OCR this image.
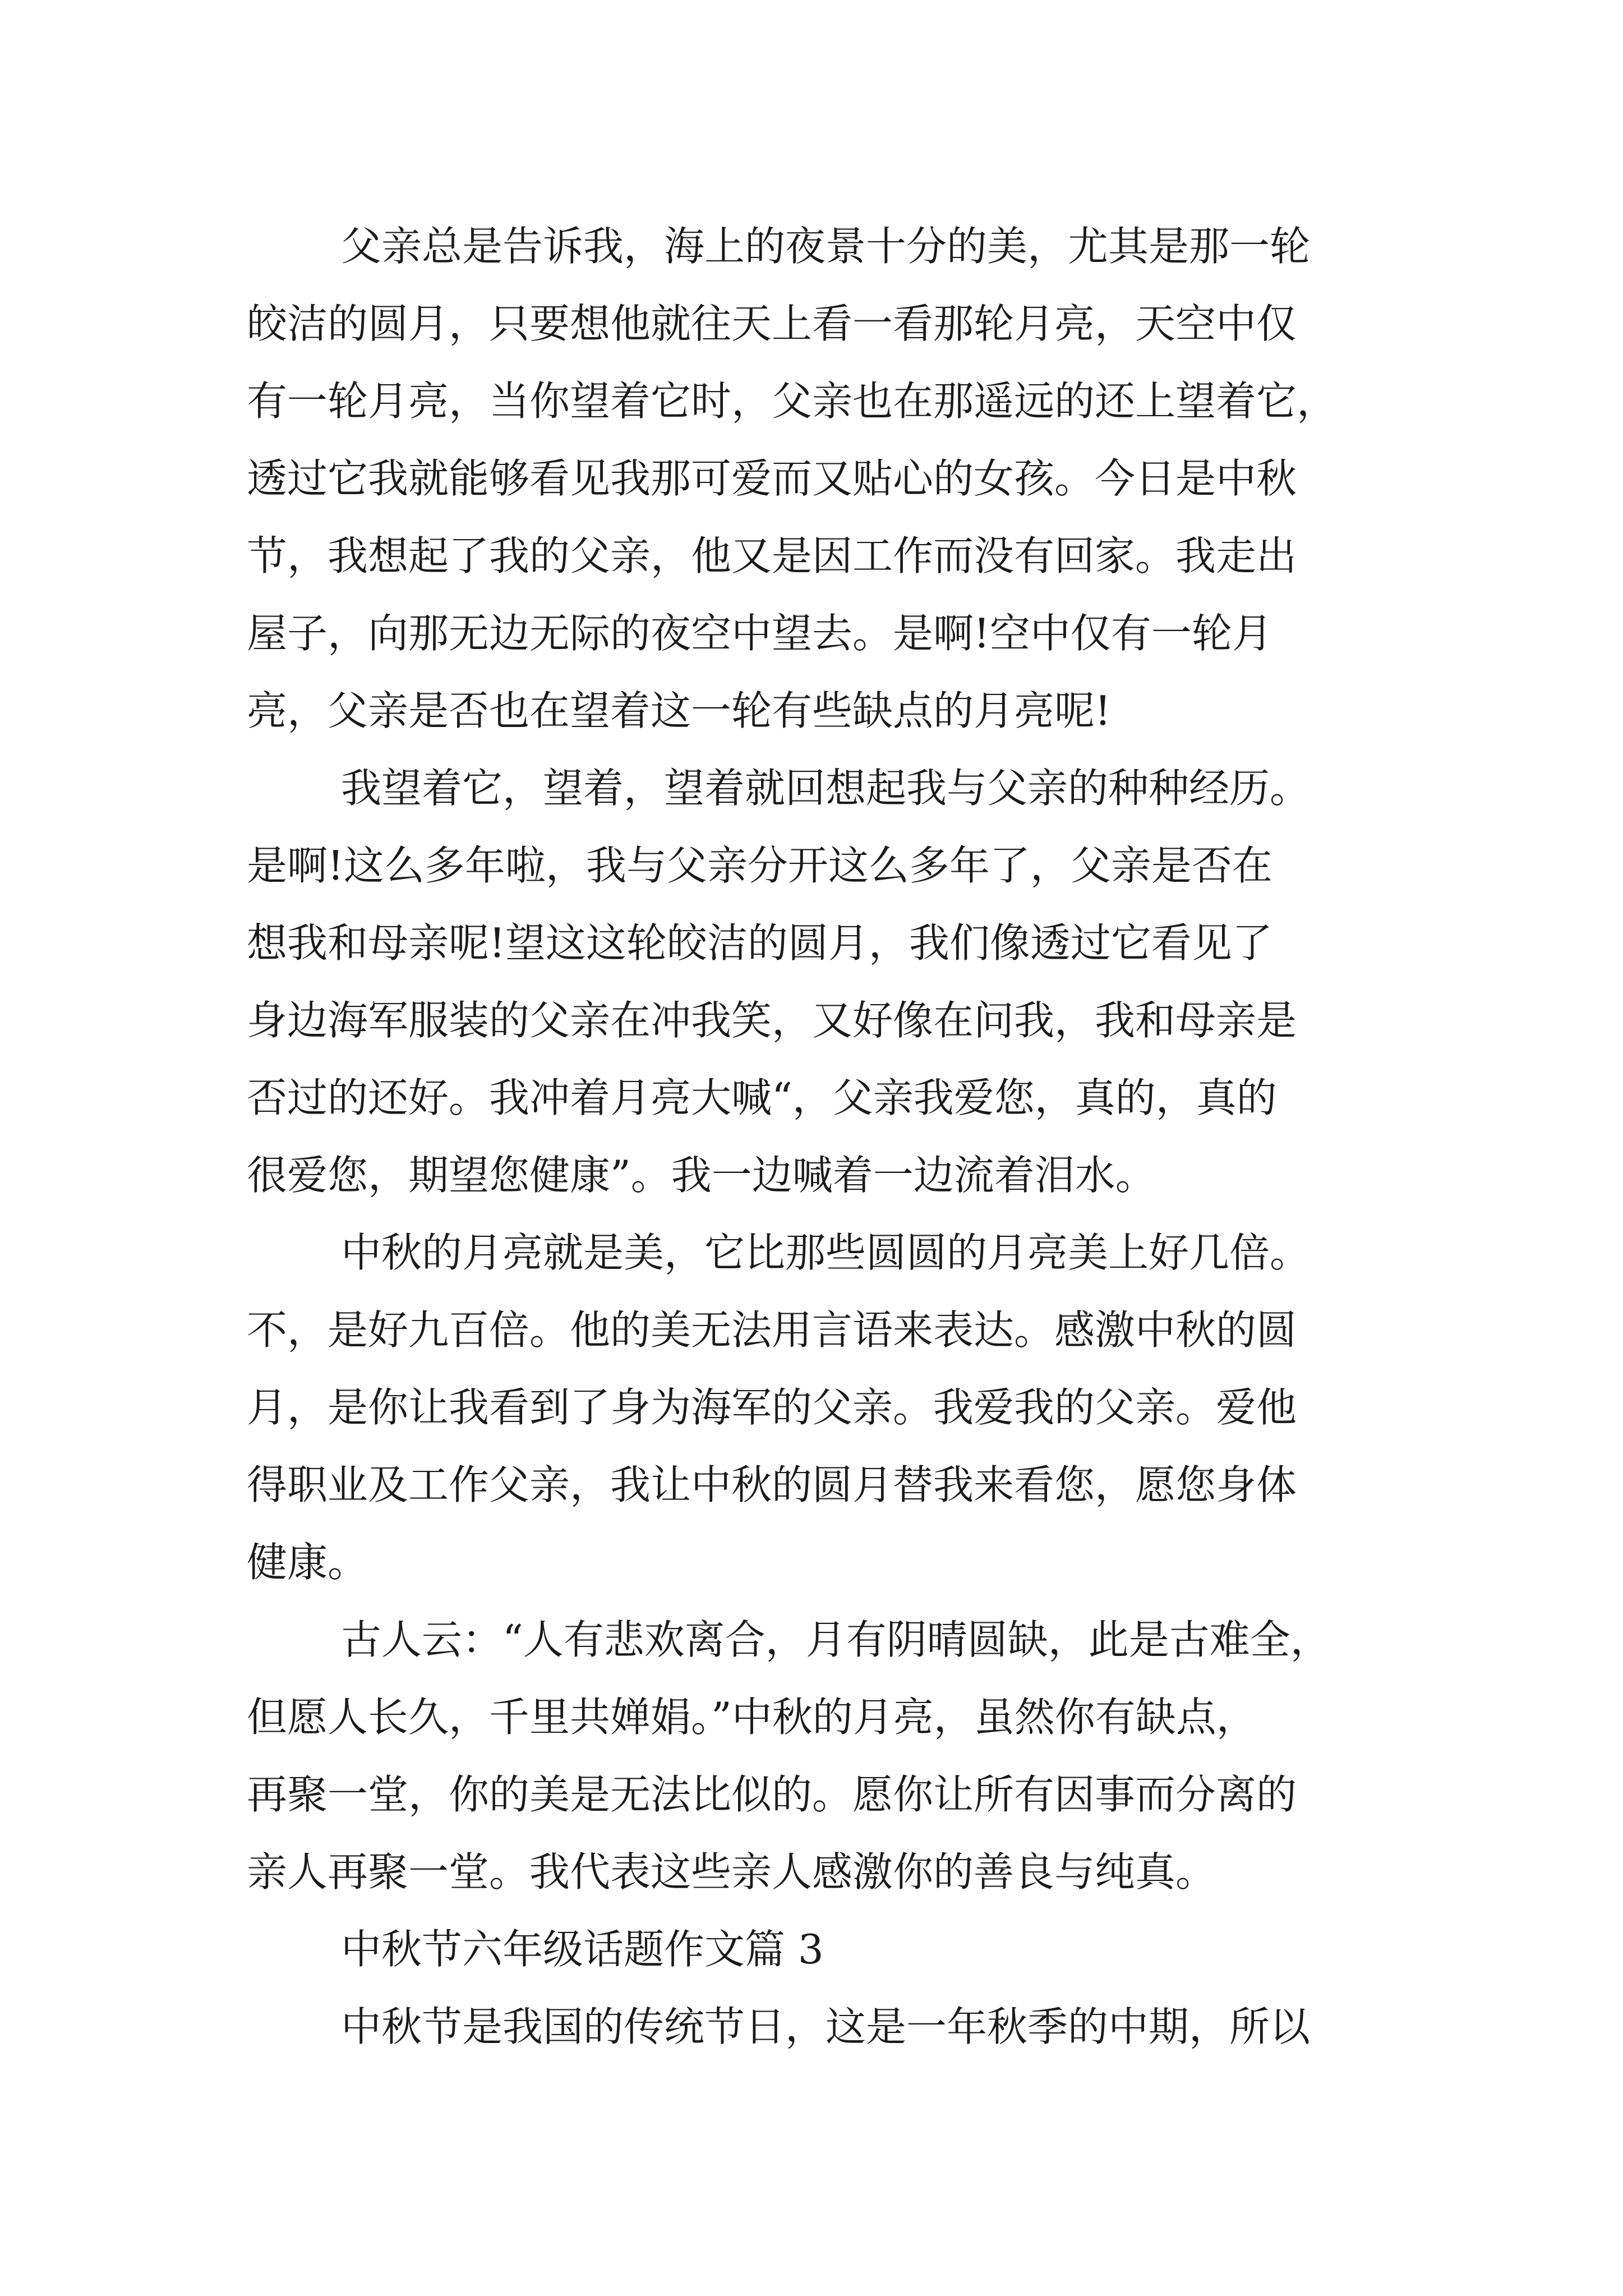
父亲总是告诉我，海上的夜景十分的美，尤其是那一轮
皎洁的圆月，只要想他就往天上看一看那轮月亮，天空中仅
有一轮月亮，当你望着它时，父亲也在那遥远的还上望着它，
透过它我就能够看见我那可爱而又贴心的女孩。今日是中秋
节，我想起了我的父亲，他又是因工作而没有回家。我走出
屋子，向那无边无际的夜空中望去。是啊!空中仅有一轮月
亮，父亲是否也在望着这一轮有些缺点的月亮呢!
我望着它，望着，望着就回想起我与父亲的种种经历。
是啊!这么多年啦，我与父亲分开这么多年了，父亲是否在
想我和母亲呢!望这这轮皎洁的圆月，我们像透过它看见了
身边海军服装的父亲在冲我笑，又好像在问我，我和母亲是
否过的还好。我冲着月亮大喊“，父亲我爱您，真的，真的
很爱您，期望您健康”。我一边喊着一边流着泪水。
中秋的月亮就是美，它比那些圆圆的月亮美上好几倍。
不，是好九百倍。他的美无法用言语来表达。感激中秋的圆
月，是你让我看到了身为海军的父亲。我爱我的父亲。爱他
得职业及工作父亲，我让中秋的圆月替我来看您，愿您身体
健康。
古人云：“人有悲欢离合，月有阴晴圆缺，此是古难全，
但愿人长久，千里共婵娟。”中秋的月亮，虽然你有缺点，
再聚一堂，你的美是无法比似的。愿你让所有因事而分离的
亲人再聚一堂。我代表这些亲人感激你的善良与纯真。
中秋节六年级话题作文篇 3
中秋节是我国的传统节日，这是一年秋季的中期，所以
